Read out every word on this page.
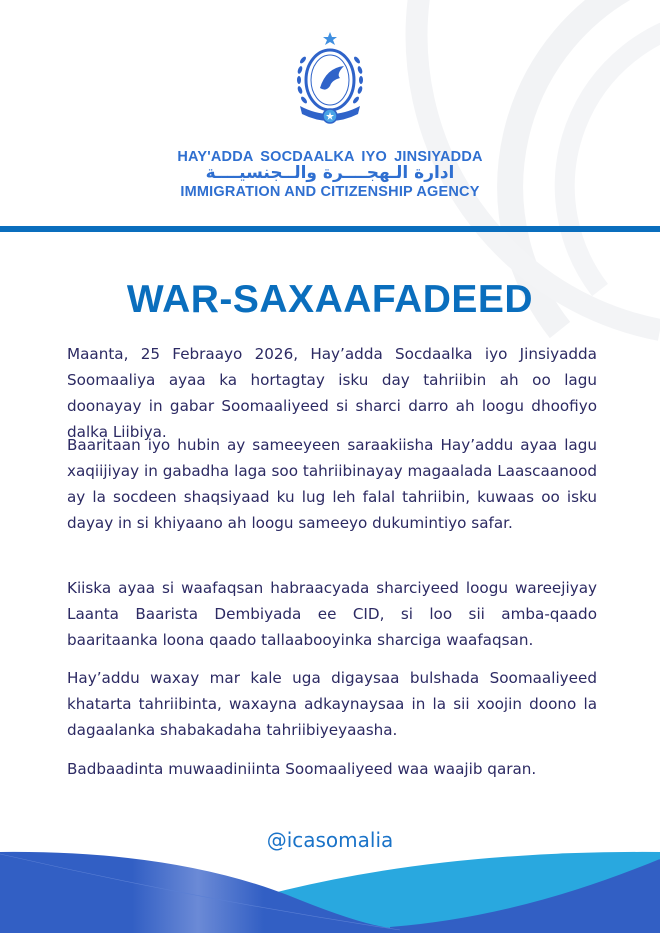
HAY'ADDA SOCDAALKA IYO JINSIYADDA
ادارة الـهجــــرة والــجنسيــــة
IMMIGRATION AND CITIZENSHIP AGENCY
WAR-SAXAAFADEED

Maanta, 25 Febraayo 2026, Hay’adda Socdaalka iyo Jinsiyadda Soomaaliya ayaa ka hortagtay isku day tahriibin ah oo lagu doonayay in gabar Soomaaliyeed si sharci darro ah loogu dhoofiyo dalka Liibiya.

Baaritaan iyo hubin ay sameeyeen saraakiisha Hay’addu ayaa lagu xaqiijiyay in gabadha laga soo tahriibinayay magaalada Laascaanood ay la socdeen shaqsiyaad ku lug leh falal tahriibin, kuwaas oo isku dayay in si khiyaano ah loogu sameeyo dukumintiyo safar.

Kiiska ayaa si waafaqsan habraacyada sharciyeed loogu wareejiyay Laanta Baarista Dembiyada ee CID, si loo sii amba-qaado baaritaanka loona qaado tallaabooyinka sharciga waafaqsan.

Hay’addu waxay mar kale uga digaysaa bulshada Soomaaliyeed khatarta tahriibinta, waxayna adkaynaysaa in la sii xoojin doono la dagaalanka shabakadaha tahriibiyeyaasha.

Badbaadinta muwaadiniinta Soomaaliyeed waa waajib qaran.

@icasomalia
